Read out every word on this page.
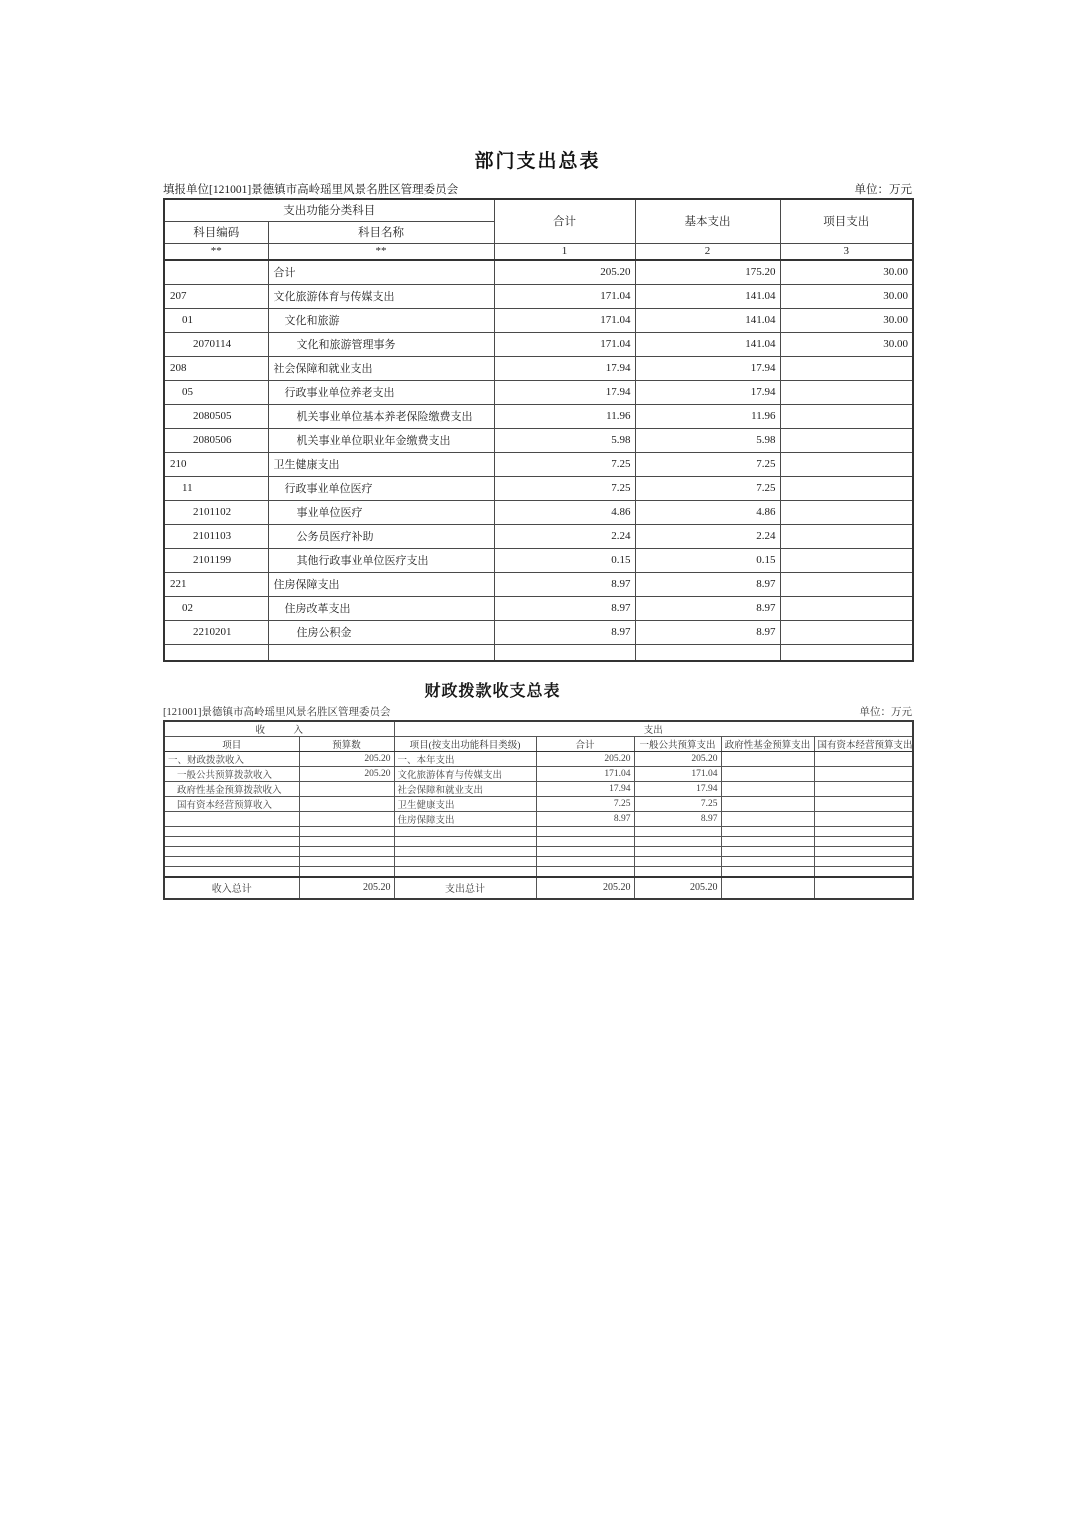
部门支出总表
填报单位[121001]景德镇市高岭瑶里风景名胜区管理委员会	单位：万元
支出功能分类科目		合计	基本支出	项目支出
科目编码	科目名称			
**	**	1	2	3
	合计	205.20	175.20	30.00
207	文化旅游体育与传媒支出	171.04	141.04	30.00
01	文化和旅游	171.04	141.04	30.00
2070114	文化和旅游管理事务	171.04	141.04	30.00
208	社会保障和就业支出	17.94	17.94	
05	行政事业单位养老支出	17.94	17.94	
2080505	机关事业单位基本养老保险缴费支出	11.96	11.96	
2080506	机关事业单位职业年金缴费支出	5.98	5.98	
210	卫生健康支出	7.25	7.25	
11	行政事业单位医疗	7.25	7.25	
2101102	事业单位医疗	4.86	4.86	
2101103	公务员医疗补助	2.24	2.24	
2101199	其他行政事业单位医疗支出	0.15	0.15	
221	住房保障支出	8.97	8.97	
02	住房改革支出	8.97	8.97	
2210201	住房公积金	8.97	8.97	

财政拨款收支总表
[121001]景德镇市高岭瑶里风景名胜区管理委员会	单位：万元
收　　　入		支出				
项目	预算数	项目(按支出功能科目类级)	合计	一般公共预算支出	政府性基金预算支出	国有资本经营预算支出
一、财政拨款收入	205.20	一、本年支出	205.20	205.20		
一般公共预算拨款收入	205.20	文化旅游体育与传媒支出	171.04	171.04		
政府性基金预算拨款收入		社会保障和就业支出	17.94	17.94		
国有资本经营预算收入		卫生健康支出	7.25	7.25		
		住房保障支出	8.97	8.97		

收入总计	205.20	支出总计	205.20	205.20		
